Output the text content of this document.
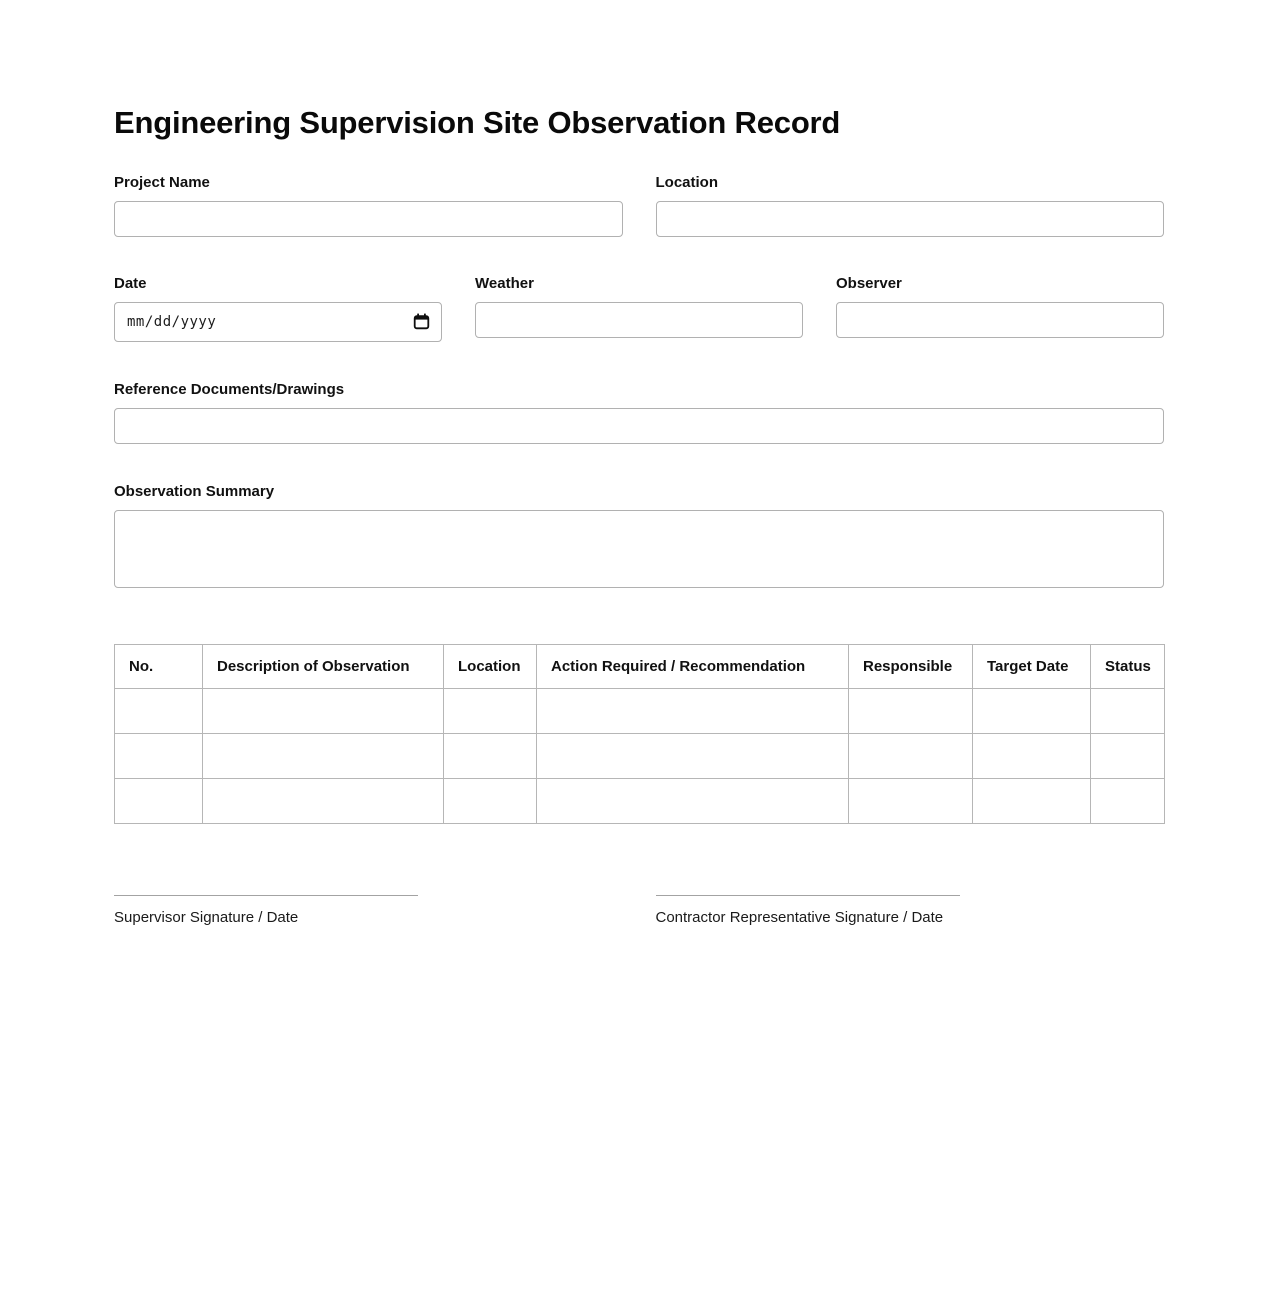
Engineering Supervision Site Observation Record
Project Name	Location
Date
mm/dd/yyyy
Weather	Observer
Reference Documents/Drawings
Observation Summary
No.	Description of Observation	Location	Action Required / Recommendation	Responsible	Target Date	Status

Supervisor Signature / Date	Contractor Representative Signature / Date
